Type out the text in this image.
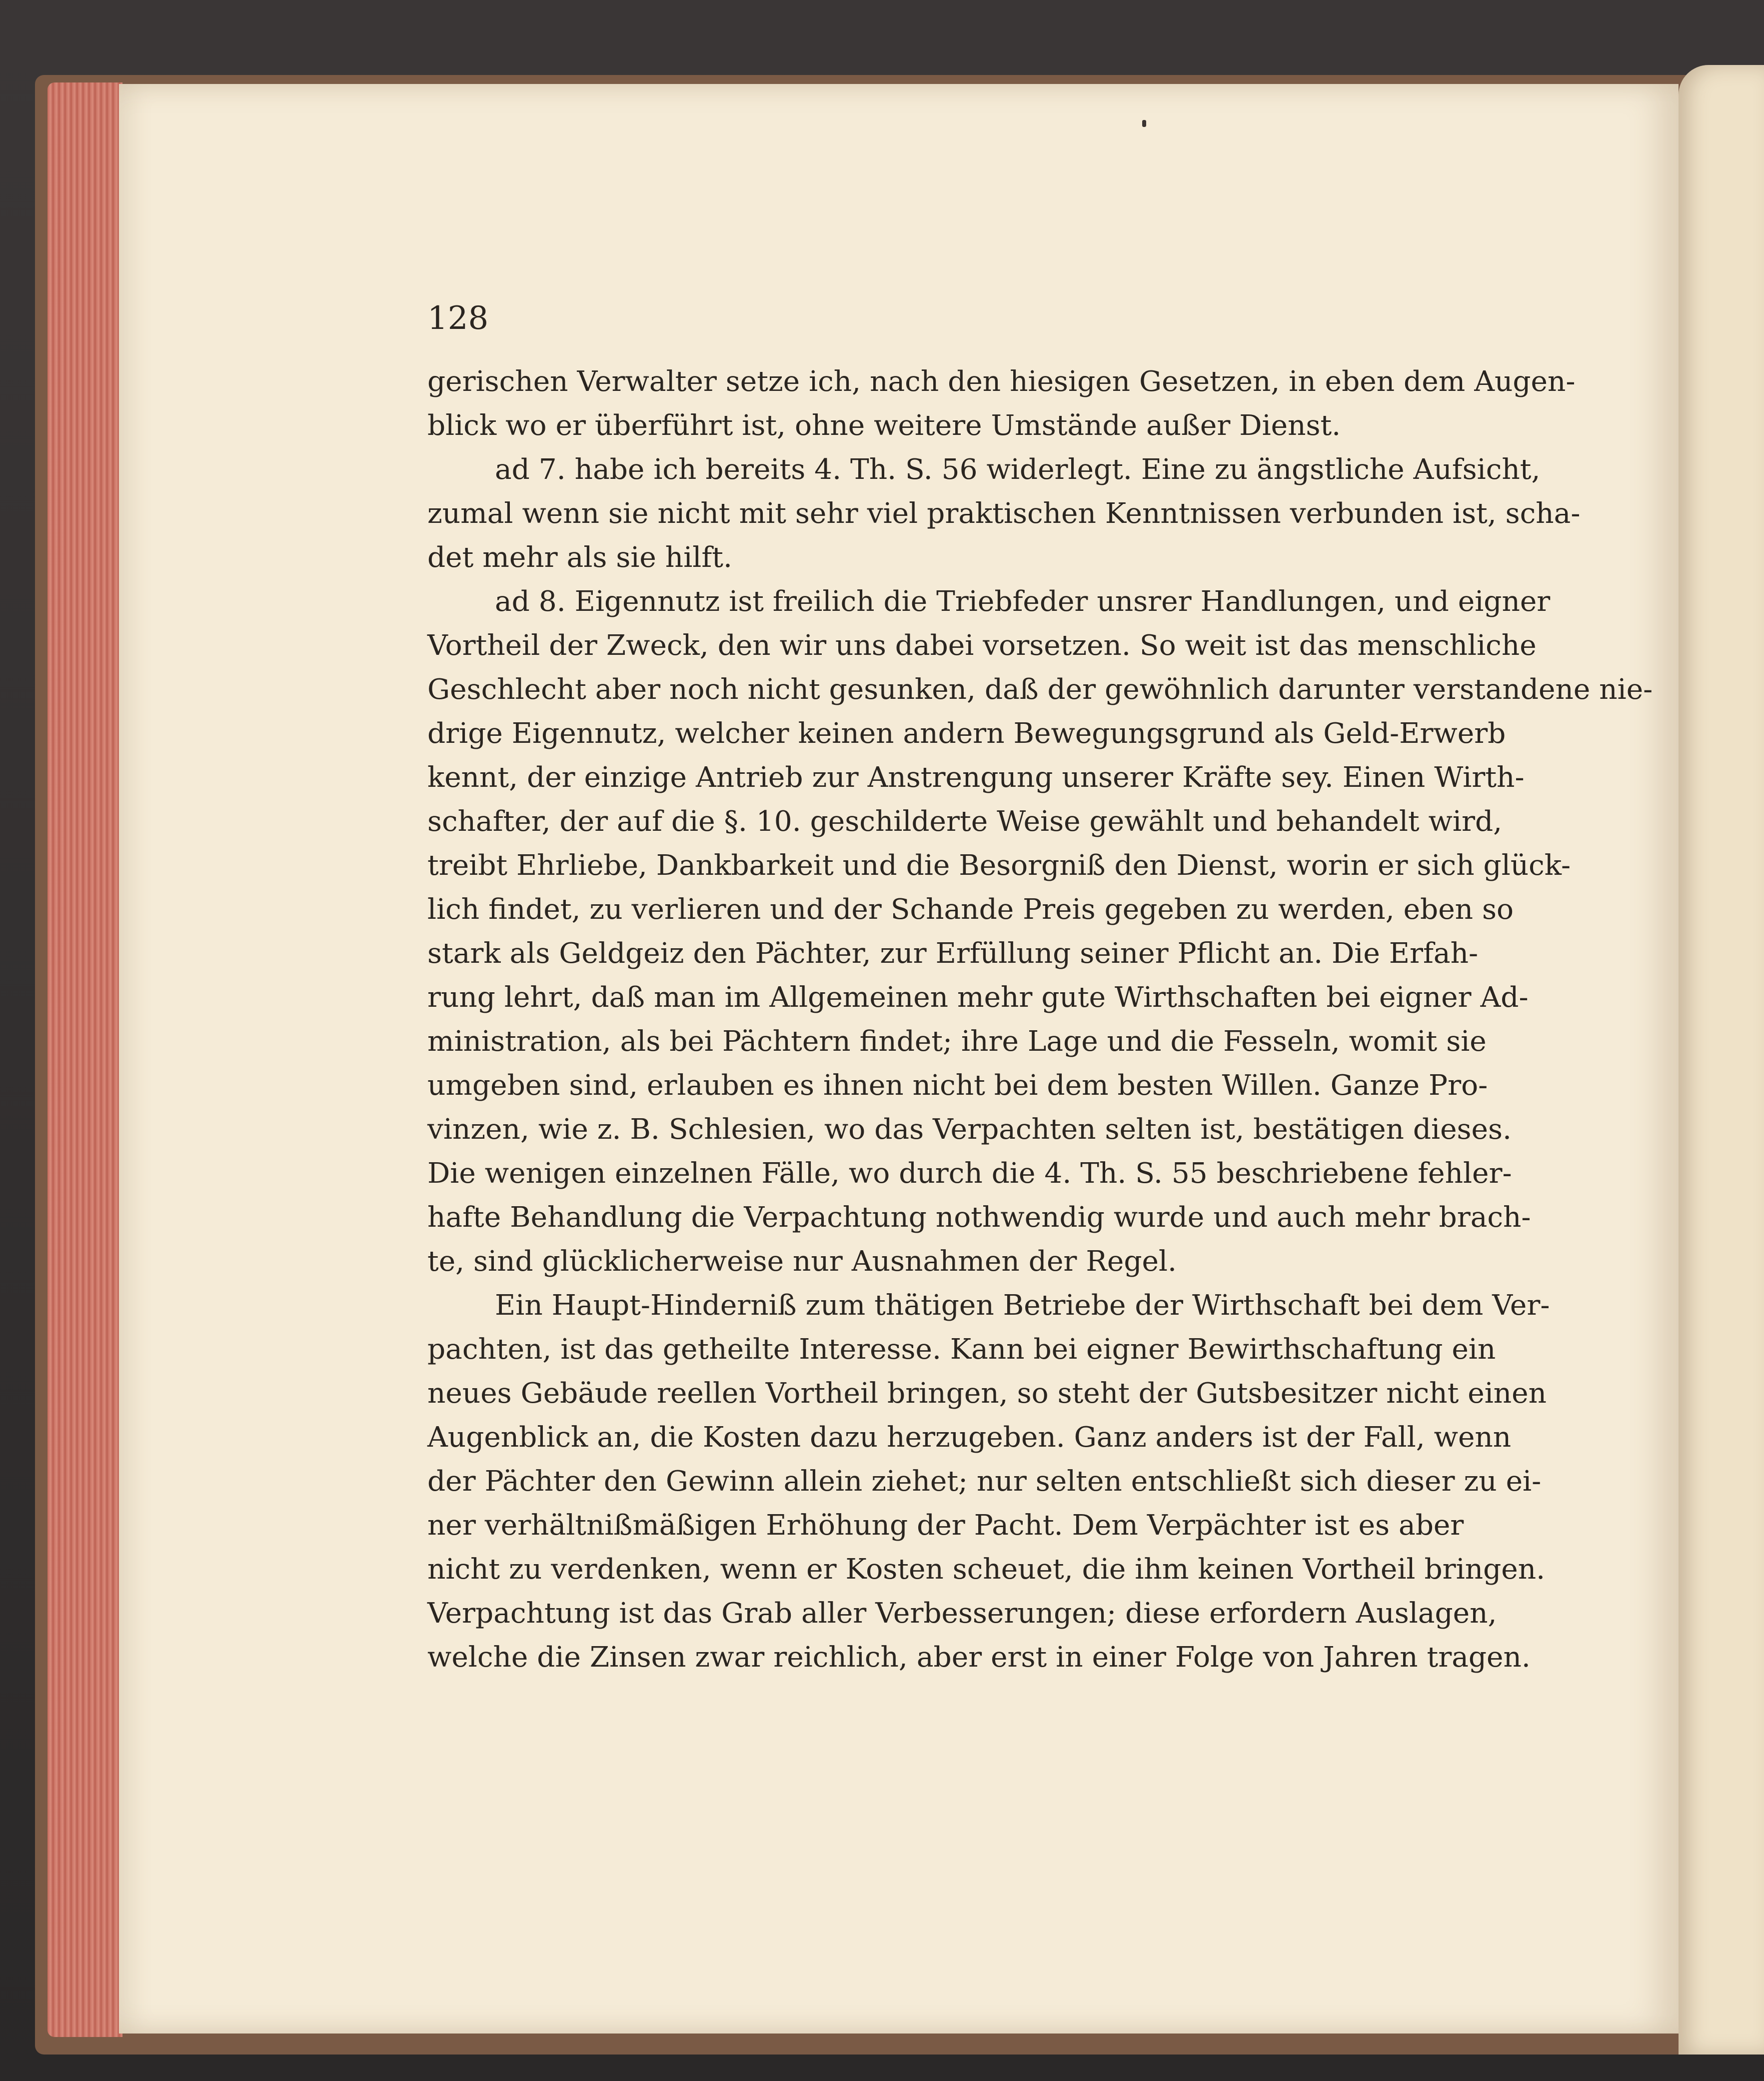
128
gerischen Verwalter setze ich, nach den hiesigen Gesetzen, in eben dem Augen-
blick wo er überführt ist, ohne weitere Umstände außer Dienst.
ad 7. habe ich bereits 4. Th. S. 56 widerlegt. Eine zu ängstliche Aufsicht,
zumal wenn sie nicht mit sehr viel praktischen Kenntnissen verbunden ist, scha-
det mehr als sie hilft.
ad 8. Eigennutz ist freilich die Triebfeder unsrer Handlungen, und eigner
Vortheil der Zweck, den wir uns dabei vorsetzen. So weit ist das menschliche
Geschlecht aber noch nicht gesunken, daß der gewöhnlich darunter verstandene nie-
drige Eigennutz, welcher keinen andern Bewegungsgrund als Geld-Erwerb
kennt, der einzige Antrieb zur Anstrengung unserer Kräfte sey. Einen Wirth-
schafter, der auf die §. 10. geschilderte Weise gewählt und behandelt wird,
treibt Ehrliebe, Dankbarkeit und die Besorgniß den Dienst, worin er sich glück-
lich findet, zu verlieren und der Schande Preis gegeben zu werden, eben so
stark als Geldgeiz den Pächter, zur Erfüllung seiner Pflicht an. Die Erfah-
rung lehrt, daß man im Allgemeinen mehr gute Wirthschaften bei eigner Ad-
ministration, als bei Pächtern findet; ihre Lage und die Fesseln, womit sie
umgeben sind, erlauben es ihnen nicht bei dem besten Willen. Ganze Pro-
vinzen, wie z. B. Schlesien, wo das Verpachten selten ist, bestätigen dieses.
Die wenigen einzelnen Fälle, wo durch die 4. Th. S. 55 beschriebene fehler-
hafte Behandlung die Verpachtung nothwendig wurde und auch mehr brach-
te, sind glücklicherweise nur Ausnahmen der Regel.
Ein Haupt-Hinderniß zum thätigen Betriebe der Wirthschaft bei dem Ver-
pachten, ist das getheilte Interesse. Kann bei eigner Bewirthschaftung ein
neues Gebäude reellen Vortheil bringen, so steht der Gutsbesitzer nicht einen
Augenblick an, die Kosten dazu herzugeben. Ganz anders ist der Fall, wenn
der Pächter den Gewinn allein ziehet; nur selten entschließt sich dieser zu ei-
ner verhältnißmäßigen Erhöhung der Pacht. Dem Verpächter ist es aber
nicht zu verdenken, wenn er Kosten scheuet, die ihm keinen Vortheil bringen.
Verpachtung ist das Grab aller Verbesserungen; diese erfordern Auslagen,
welche die Zinsen zwar reichlich, aber erst in einer Folge von Jahren tragen.
